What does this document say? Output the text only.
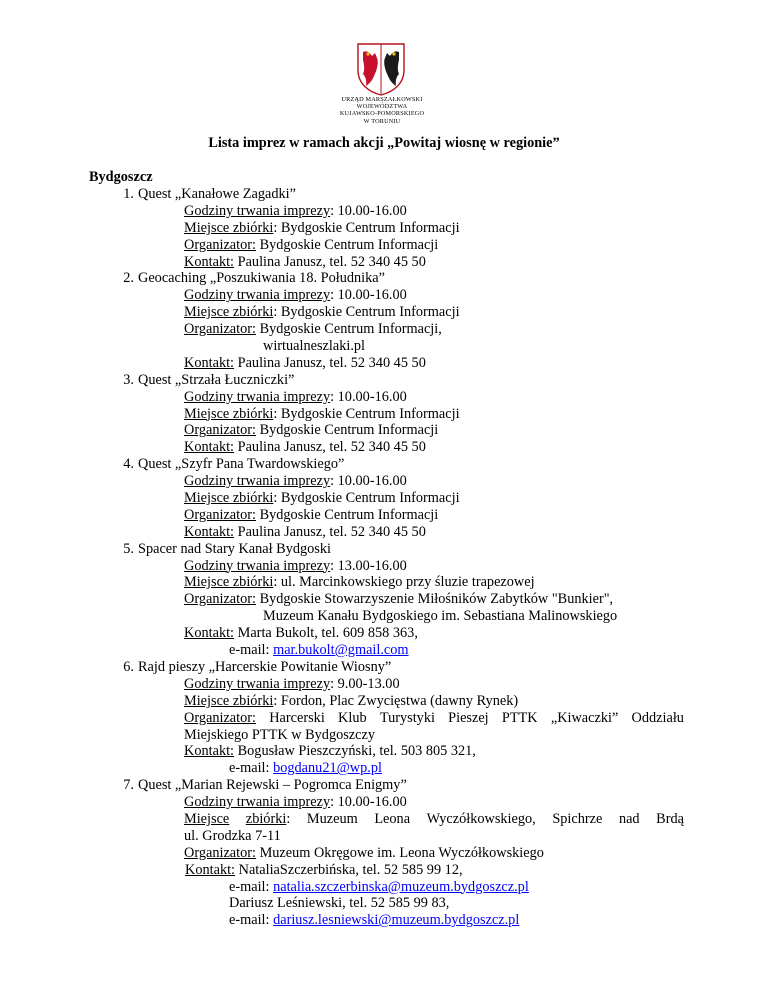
URZĄD MARSZAŁKOWSKI
WOJEWÓDZTWA
KUJAWSKO-POMORSKIEGO
W TORUNIU
Lista imprez w ramach akcji „Powitaj wiosnę w regionie”
Bydgoszcz
1. Quest „Kanałowe Zagadki”
Godziny trwania imprezy: 10.00-16.00
Miejsce zbiórki: Bydgoskie Centrum Informacji
Organizator: Bydgoskie Centrum Informacji
Kontakt: Paulina Janusz, tel. 52 340 45 50
2. Geocaching „Poszukiwania 18. Południka”
Godziny trwania imprezy: 10.00-16.00
Miejsce zbiórki: Bydgoskie Centrum Informacji
Organizator: Bydgoskie Centrum Informacji,
wirtualneszlaki.pl
Kontakt: Paulina Janusz, tel. 52 340 45 50
3. Quest „Strzała Łuczniczki”
Godziny trwania imprezy: 10.00-16.00
Miejsce zbiórki: Bydgoskie Centrum Informacji
Organizator: Bydgoskie Centrum Informacji
Kontakt: Paulina Janusz, tel. 52 340 45 50
4. Quest „Szyfr Pana Twardowskiego”
Godziny trwania imprezy: 10.00-16.00
Miejsce zbiórki: Bydgoskie Centrum Informacji
Organizator: Bydgoskie Centrum Informacji
Kontakt: Paulina Janusz, tel. 52 340 45 50
5. Spacer nad Stary Kanał Bydgoski
Godziny trwania imprezy: 13.00-16.00
Miejsce zbiórki: ul. Marcinkowskiego przy śluzie trapezowej
Organizator: Bydgoskie Stowarzyszenie Miłośników Zabytków "Bunkier",
Muzeum Kanału Bydgoskiego im. Sebastiana Malinowskiego
Kontakt: Marta Bukolt, tel. 609 858 363,
e-mail: mar.bukolt@gmail.com
6. Rajd pieszy „Harcerskie Powitanie Wiosny”
Godziny trwania imprezy: 9.00-13.00
Miejsce zbiórki: Fordon, Plac Zwycięstwa (dawny Rynek)
Organizator: Harcerski Klub Turystyki Pieszej PTTK „Kiwaczki” Oddziału
Miejskiego PTTK w Bydgoszczy
Kontakt: Bogusław Pieszczyński, tel. 503 805 321,
e-mail: bogdanu21@wp.pl
7. Quest „Marian Rejewski – Pogromca Enigmy”
Godziny trwania imprezy: 10.00-16.00
Miejsce zbiórki: Muzeum Leona Wyczółkowskiego, Spichrze nad Brdą
ul. Grodzka 7-11
Organizator: Muzeum Okręgowe im. Leona Wyczółkowskiego
Kontakt: NataliaSzczerbińska, tel. 52 585 99 12,
e-mail: natalia.szczerbinska@muzeum.bydgoszcz.pl
Dariusz Leśniewski, tel. 52 585 99 83,
e-mail: dariusz.lesniewski@muzeum.bydgoszcz.pl
